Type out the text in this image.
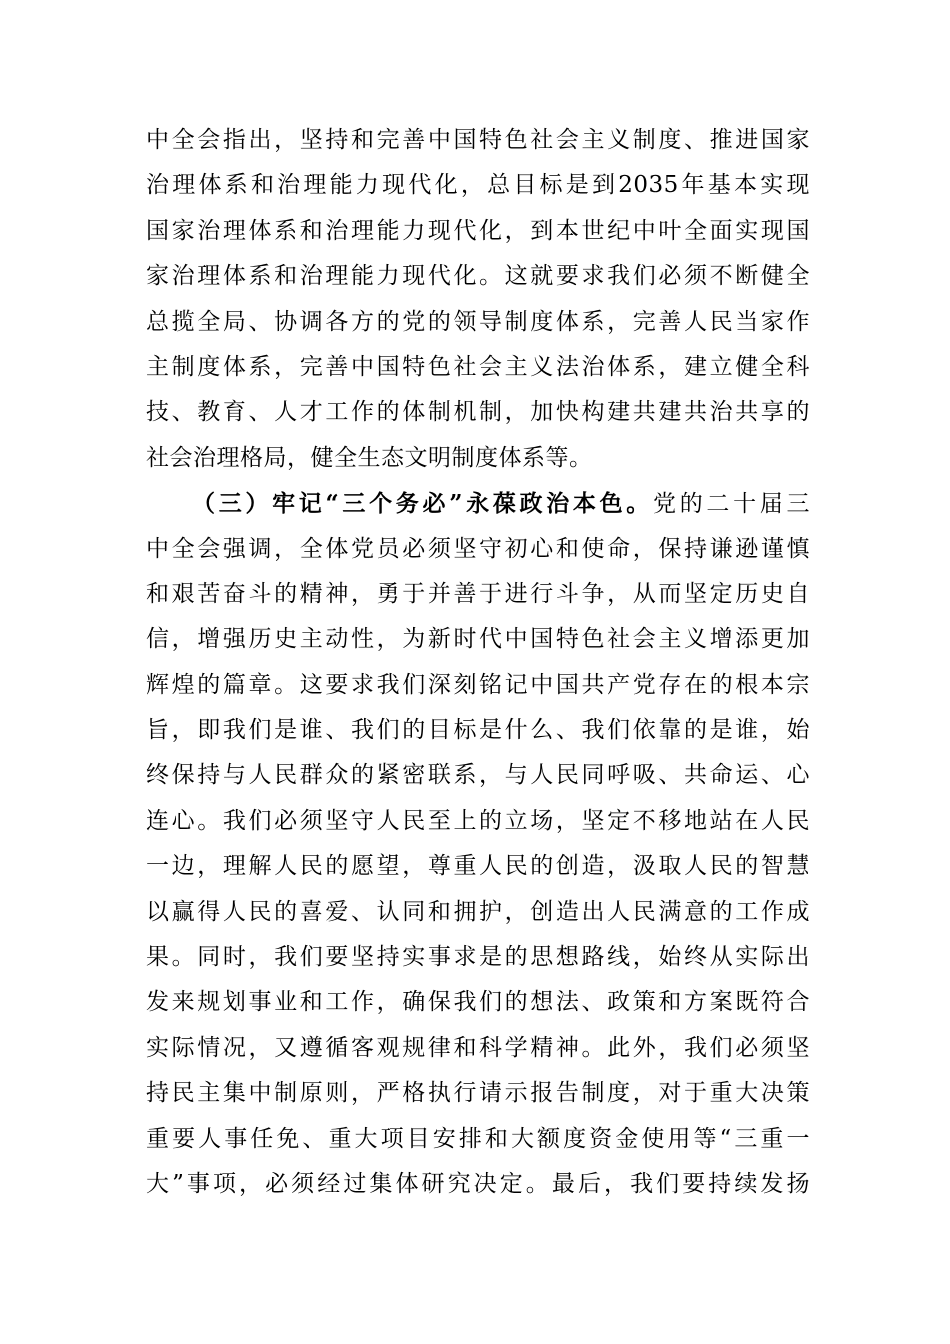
中全会指出，坚持和完善中国特色社会主义制度、推进国家
治理体系和治理能力现代化，总目标是到2035年基本实现
国家治理体系和治理能力现代化，到本世纪中叶全面实现国
家治理体系和治理能力现代化。这就要求我们必须不断健全
总揽全局、协调各方的党的领导制度体系，完善人民当家作
主制度体系，完善中国特色社会主义法治体系，建立健全科
技、教育、人才工作的体制机制，加快构建共建共治共享的
社会治理格局，健全生态文明制度体系等。
（三）牢记“三个务必”永葆政治本色。党的二十届三
中全会强调，全体党员必须坚守初心和使命，保持谦逊谨慎
和艰苦奋斗的精神，勇于并善于进行斗争，从而坚定历史自
信，增强历史主动性，为新时代中国特色社会主义增添更加
辉煌的篇章。这要求我们深刻铭记中国共产党存在的根本宗
旨，即我们是谁、我们的目标是什么、我们依靠的是谁，始
终保持与人民群众的紧密联系，与人民同呼吸、共命运、心
连心。我们必须坚守人民至上的立场，坚定不移地站在人民
一边，理解人民的愿望，尊重人民的创造，汲取人民的智慧
以赢得人民的喜爱、认同和拥护，创造出人民满意的工作成
果。同时，我们要坚持实事求是的思想路线，始终从实际出
发来规划事业和工作，确保我们的想法、政策和方案既符合
实际情况，又遵循客观规律和科学精神。此外，我们必须坚
持民主集中制原则，严格执行请示报告制度，对于重大决策
重要人事任免、重大项目安排和大额度资金使用等“三重一
大”事项，必须经过集体研究决定。最后，我们要持续发扬
